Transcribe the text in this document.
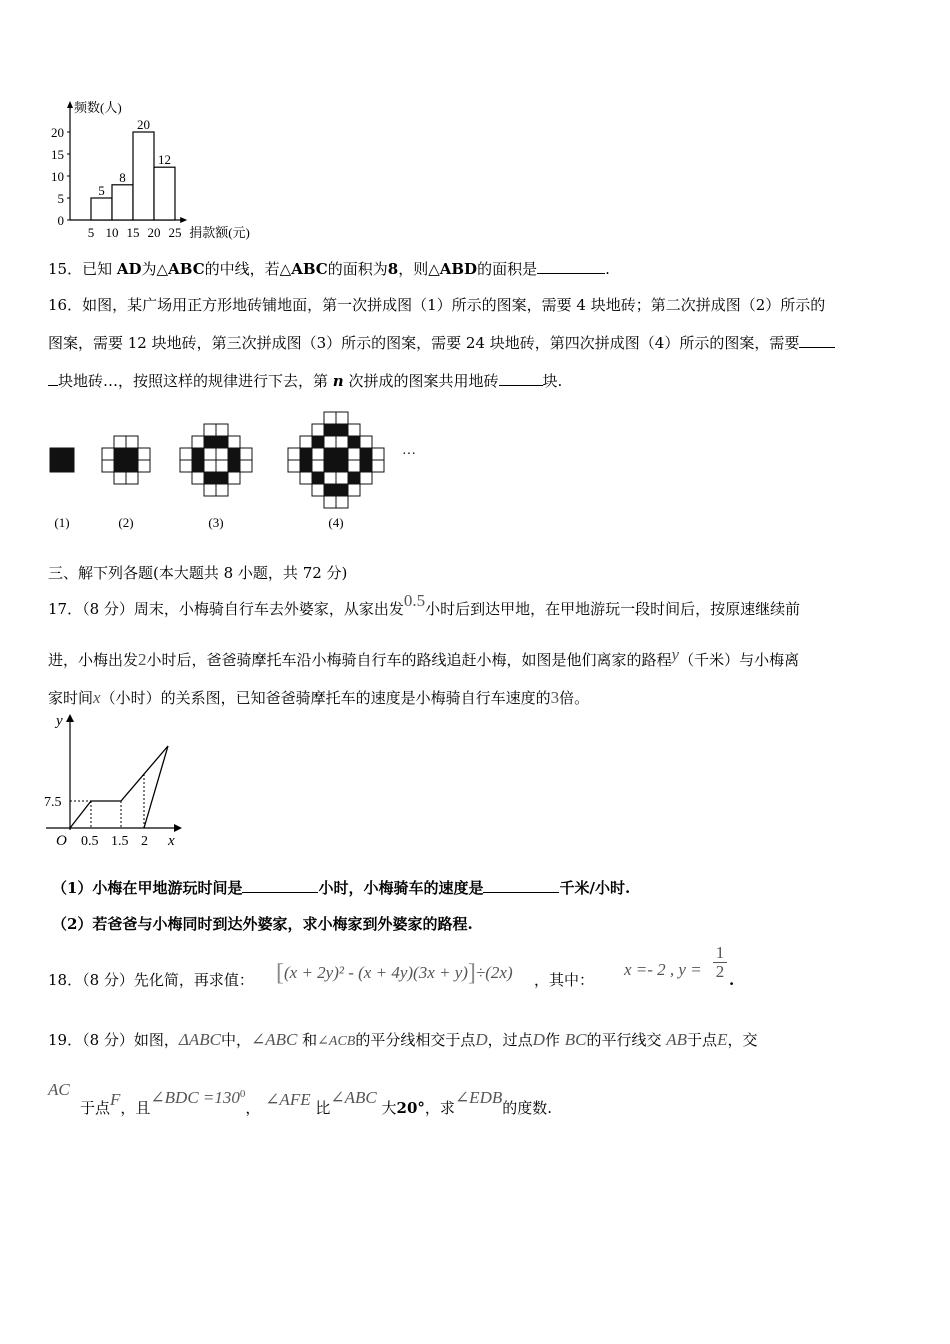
频数(人)
捐款额(元)
0
5
10
15
20
5 10 15 20 25
5
8
20
12
15．已知 AD为△ABC的中线，若△ABC的面积为8，则△ABD的面积是	.
16．如图，某广场用正方形地砖铺地面，第一次拼成图（1）所示的图案，需要 4 块地砖；第二次拼成图（2）所示的
图案，需要 12 块地砖，第三次拼成图（3）所示的图案，需要 24 块地砖，第四次拼成图（4）所示的图案，需要
块地砖…，按照这样的规律进行下去，第 n 次拼成的图案共用地砖	块.
(1)	(2)	(3)	(4)
···
三、解下列各题(本大题共 8 小题，共 72 分)
17．（8 分）周末，小梅骑自行车去外婆家，从家出发0.5小时后到达甲地，在甲地游玩一段时间后，按原速继续前
进，小梅出发2小时后，爸爸骑摩托车沿小梅骑自行车的路线追赶小梅，如图是他们离家的路程y（千米）与小梅离
家时间x（小时）的关系图，已知爸爸骑摩托车的速度是小梅骑自行车速度的3倍。
y
x
O
7.5
0.5 1.5 2
（1）小梅在甲地游玩时间是	小时，小梅骑车的速度是	千米/小时.
（2）若爸爸与小梅同时到达外婆家，求小梅家到外婆家的路程.
18．（8 分）先化简，再求值： [(x + 2y)² - (x + 4y)(3x + y)]÷(2x) ，其中：
x =- 2 , y =
1
2 .
19．（8 分）如图，ΔABC中，∠ABC 和∠ACB的平分线相交于点D，过点D作 BC的平行线交 AB于点E，交
AC
于点F，且∠BDC $=130^0$， ∠AFE 比∠ABC 大20°，求∠EDB的度数.
